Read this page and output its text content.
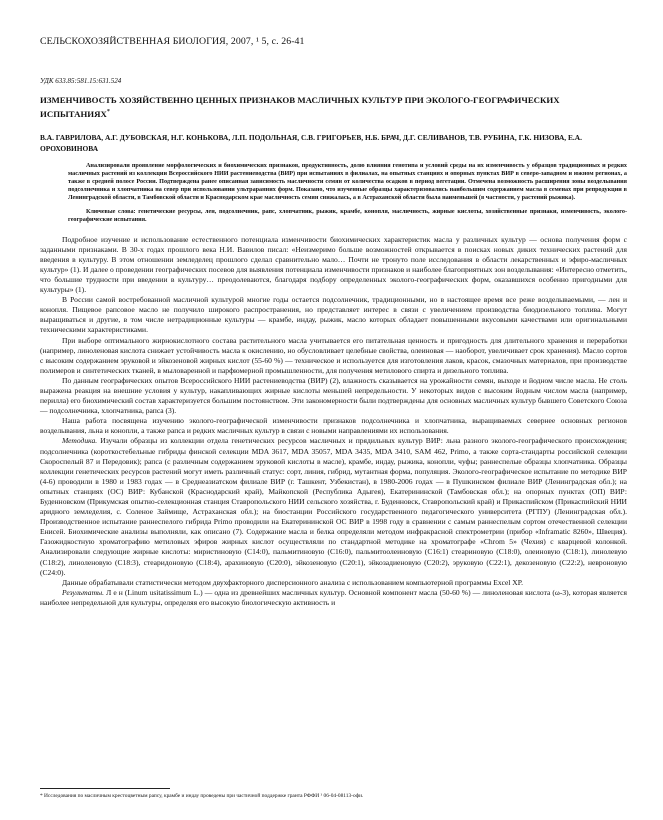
СЕЛЬСКОХОЗЯЙСТВЕННАЯ БИОЛОГИЯ, 2007, ¹ 5, с. 26-41
УДК 633.85:581.15:631.524
ИЗМЕНЧИВОСТЬ ХОЗЯЙСТВЕННО ЦЕННЫХ ПРИЗНАКОВ МАСЛИЧНЫХ КУЛЬТУР ПРИ ЭКОЛОГО-ГЕОГРАФИЧЕСКИХ ИСПЫТАНИЯХ*
В.А. ГАВРИЛОВА, А.Г. ДУБОВСКАЯ, Н.Г. КОНЬКОВА, Л.П. ПОДОЛЬНАЯ, С.В. ГРИГОРЬЕВ, Н.Б. БРАЧ, Д.Г. СЕЛИВАНОВ, Т.В. РУБИНА, Г.К. НИЗОВА, Е.А. ОРОХОВИНОВА

Анализировали проявление морфологических и биохимических признаков, продуктивность, долю влияния генотипа и условий среды на их изменчивость у образцов традиционных и редких масличных растений из коллекции Всероссийского НИИ растениеводства (ВИР) при испытаниях в филиалах, на опытных станциях и опорных пунктах ВИР в северо-западном и южном регионах, а также в средней полосе России. Подтверждена ранее описанная зависимость масличности семян от количества осадков в период вегетации. Отмечена возможность расширения зоны возделывания подсолнечника и хлопчатника на север при использовании ультраранних форм. Показано, что изученные образцы характеризовались наибольшим содержанием масла в семенах при репродукции в Ленинградской области, в Тамбовской области и Краснодарском крае масличность семян снижалась, а в Астраханской области была наименьшей (в частности, у растений рыжика).

Ключевые слова: генетические ресурсы, лен, подсолнечник, рапс, хлопчатник, рыжик, крамбе, конопля, масличность, жирные кислоты, хозяйственные признаки, изменчивость, эколого-географические испытания.

Подробное изучение и использование естественного потенциала изменчивости биохимических характеристик масла у различных культур — основа получения форм с заданными признаками. В 30-х годах прошлого века Н.И. Вавилов писал: «Неизмеримо больше возможностей открывается в поисках новых диких технических растений для введения в культуру. В этом отношении земледелец прошлого сделал сравнительно мало… Почти не тронуто поле исследования в области лекарственных и эфиро-масличных культур» (1). И далее о проведении географических посевов для выявления потенциала изменчивости признаков и наиболее благоприятных зон возделывания: «Интересно отметить, что большие трудности при введении в культуру… преодолеваются, благодаря подбору определенных эколого-географических форм, оказавшихся особенно пригодными для культуры» (1).

В России самой востребованной масличной культурой многие годы остается подсолнечник, традиционными, но в настоящее время все реже возделываемыми, — лен и конопля. Пищевое рапсовое масло не получило широкого распространения, но представляет интерес в связи с увеличением производства биодизельного топлива. Могут выращиваться и другие, в том числе нетрадиционные культуры — крамбе, индау, рыжик, масло которых обладает повышенными вкусовыми качествами или оригинальными техническими характеристиками.

При выборе оптимального жирнокислотного состава растительного масла учитывается его питательная ценность и пригодность для длительного хранения и переработки (например, линоленовая кислота снижает устойчивость масла к окислению, но обусловливает целебные свойства, олеиновая — наоборот, увеличивает срок хранения). Масло сортов с высоким содержанием эруковой и эйкозеновой жирных кислот (55-60 %) — техническое и используется для изготовления лаков, красок, смазочных материалов, при производстве полимеров и синтетических тканей, в мыловаренной и парфюмерной промышленности, для получения метилового спирта и дизельного топлива.

По данным географических опытов Всероссийского НИИ растениеводства (ВИР) (2), влажность сказывается на урожайности семян, выходе и йодном числе масла. Не столь выражена реакция на внешние условия у культур, накапливающих жирные кислоты меньшей непредельности. У некоторых видов с высоким йодным числом масла (например, перилла) его биохимический состав характеризуется большим постоянством. Эти закономерности были подтверждены для основных масличных культур бывшего Советского Союза — подсолнечника, хлопчатника, рапса (3).

Наша работа посвящена изучению эколого-географической изменчивости признаков подсолнечника и хлопчатника, выращиваемых севернее основных регионов возделывания, льна и конопли, а также рапса и редких масличных культур в связи с новыми направлениями их использования.

Методика. Изучали образцы из коллекции отдела генетических ресурсов масличных и прядильных культур ВИР: льна разного эколого-географического происхождения; подсолнечника (короткостебельные гибриды финской селекции MDA 3617, MDA 35057, MDA 3435, MDA 3410, SAM 462, Primo, а также сорта-стандарты российской селекции Скороспелый 87 и Передовик); рапса (с различным содержанием эруковой кислоты в масле), крамбе, индау, рыжика, конопли, чуфы; раннеспелые образцы хлопчатника. Образцы коллекции генетических ресурсов растений могут иметь различный статус: сорт, линия, гибрид, мутантная форма, популяция. Эколого-географическое испытание по методике ВИР (4-6) проводили в 1980 и 1983 годах — в Среднеазиатском филиале ВИР (г. Ташкент, Узбекистан), в 1980-2006 годах — в Пушкинском филиале ВИР (Ленинградская обл.); на опытных станциях (ОС) ВИР: Кубанской (Краснодарский край), Майкопской (Республика Адыгея), Екатерининской (Тамбовская обл.); на опорных пунктах (ОП) ВИР: Буденновском (Прикумская опытно-селекционная станция Ставропольского НИИ сельского хозяйства, г. Буденновск, Ставропольский край) и Прикаспийском (Прикаспийский НИИ аридного земледелия, с. Соленое Займище, Астраханская обл.); на биостанции Российского государственного педагогического университета (РГПУ) (Ленинградская обл.). Производственное испытание раннеспелого гибрида Primo проводили на Екатерининской ОС ВИР в 1998 году в сравнении с самым раннеспелым сортом отечественной селекции Енисей. Биохимические анализы выполняли, как описано (7). Содержание масла и белка определяли методом инфракрасной спектрометрии (прибор «Infrаmatic 8260», Швеция). Газожидкостную хроматографию метиловых эфиров жирных кислот осуществляли по стандартной методике на хроматографе «Chrom 5» (Чехия) с кварцевой колонкой. Анализировали следующие жирные кислоты: миристиновую (C14:0), пальмитиновую (C16:0), пальмитоолеиновую (C16:1) стеариновую (C18:0), олеиновую (C18:1), линолевую (C18:2), линоленовую (C18:3), стеаридоновую (C18:4), арахиновую (C20:0), эйкозеновую (C20:1), эйкозадиеновую (C20:2), эруковую (C22:1), декозеновую (C22:2), невроновую (C24:0).

Данные обрабатывали статистически методом двухфакторного дисперсионного анализа с использованием компьютерной программы Excel XP.

Результаты. Л е н (Linum usitatissimum L.) — одна из древнейших масличных культур. Основной компонент масла (50-60 %) — линоленовая кислота (ω-3), которая является наиболее непредельной для культуры, определяя его высокую биологическую активность и

* Исследования по масличным крестоцветным рапсу, крамбе и индау проведены при частичной поддержке гранта РФФИ ¹ 06-04-08113-офи.
